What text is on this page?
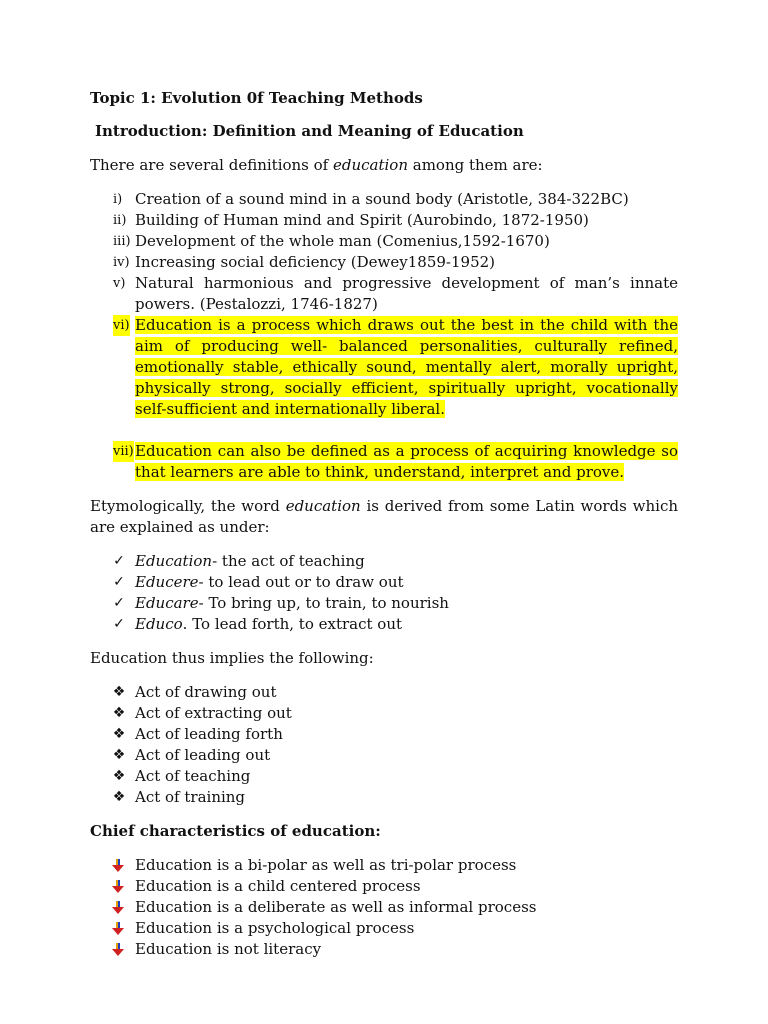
Topic 1: Evolution 0f Teaching Methods

Introduction: Definition and Meaning of Education

There are several definitions of education among them are:

i) Creation of a sound mind in a sound body (Aristotle, 384-322BC)
ii) Building of Human mind and Spirit (Aurobindo, 1872-1950)
iii) Development of the whole man (Comenius,1592-1670)
iv) Increasing social deficiency (Dewey1859-1952)
v) Natural harmonious and progressive development of man’s innate powers. (Pestalozzi, 1746-1827)
vi) Education is a process which draws out the best in the child with the aim of producing well- balanced personalities, culturally refined, emotionally stable, ethically sound, mentally alert, morally upright, physically strong, socially efficient, spiritually upright, vocationally self-sufficient and internationally liberal.
vii) Education can also be defined as a process of acquiring knowledge so that learners are able to think, understand, interpret and prove.

Etymologically, the word education is derived from some Latin words which are explained as under:

✓ Education- the act of teaching
✓ Educere- to lead out or to draw out
✓ Educare- To bring up, to train, to nourish
✓ Educo. To lead forth, to extract out

Education thus implies the following:

❖ Act of drawing out
❖ Act of extracting out
❖ Act of leading forth
❖ Act of leading out
❖ Act of teaching
❖ Act of training

Chief characteristics of education:

Education is a bi-polar as well as tri-polar process
Education is a child centered process
Education is a deliberate as well as informal process
Education is a psychological process
Education is not literacy
